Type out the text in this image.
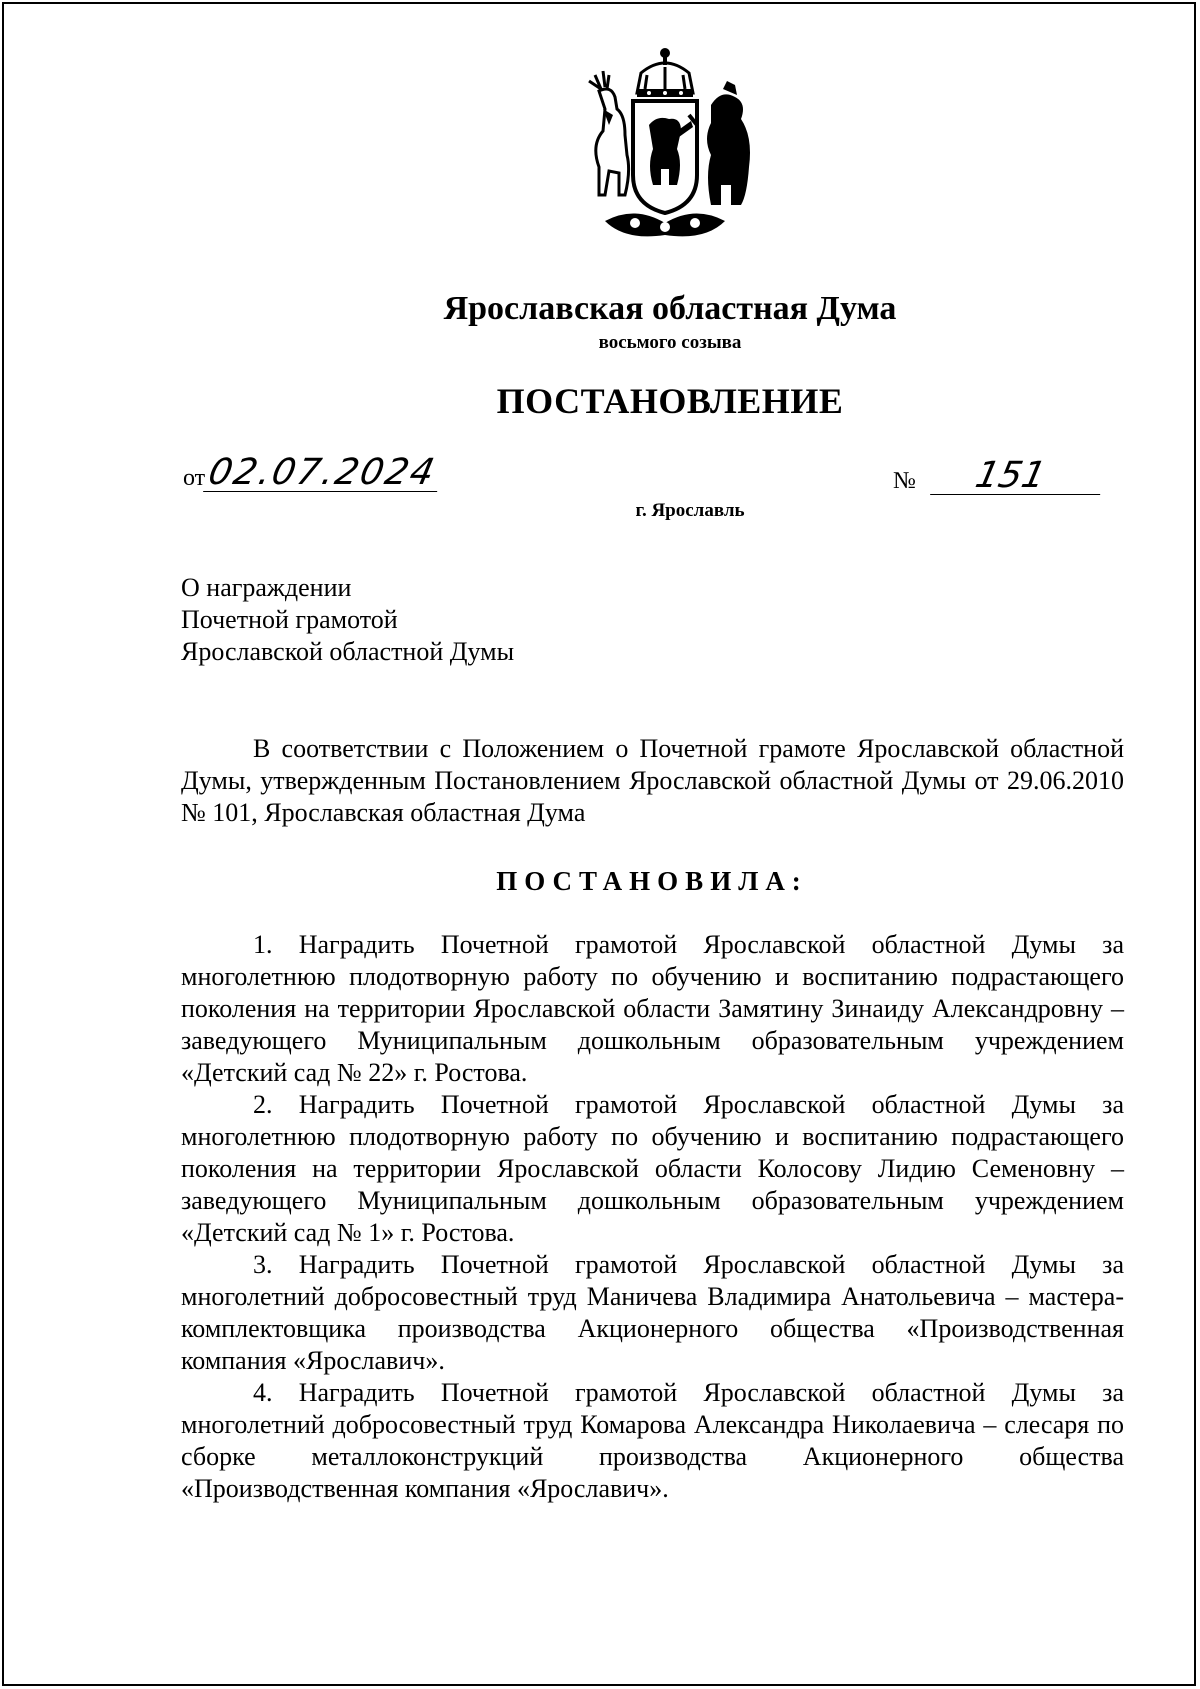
Ярославская областная Дума
восьмого созыва
ПОСТАНОВЛЕНИЕ
от 02.07.2024	№	151
г. Ярославль
О награждении
Почетной грамотой
Ярославской областной Думы

В соответствии с Положением о Почетной грамоте Ярославской областной Думы, утвержденным Постановлением Ярославской областной Думы от 29.06.2010 № 101, Ярославская областная Дума

ПОСТАНОВИЛА:

1. Наградить Почетной грамотой Ярославской областной Думы за многолетнюю плодотворную работу по обучению и воспитанию подрастающего поколения на территории Ярославской области Замятину Зинаиду Александровну – заведующего Муниципальным дошкольным образовательным учреждением «Детский сад № 22» г. Ростова.

2. Наградить Почетной грамотой Ярославской областной Думы за многолетнюю плодотворную работу по обучению и воспитанию подрастающего поколения на территории Ярославской области Колосову Лидию Семеновну – заведующего Муниципальным дошкольным образовательным учреждением «Детский сад № 1» г. Ростова.

3. Наградить Почетной грамотой Ярославской областной Думы за многолетний добросовестный труд Маничева Владимира Анатольевича – мастера-комплектовщика производства Акционерного общества «Производственная компания «Ярославич».

4. Наградить Почетной грамотой Ярославской областной Думы за многолетний добросовестный труд Комарова Александра Николаевича – слесаря по сборке металлоконструкций производства Акционерного общества «Производственная компания «Ярославич».
